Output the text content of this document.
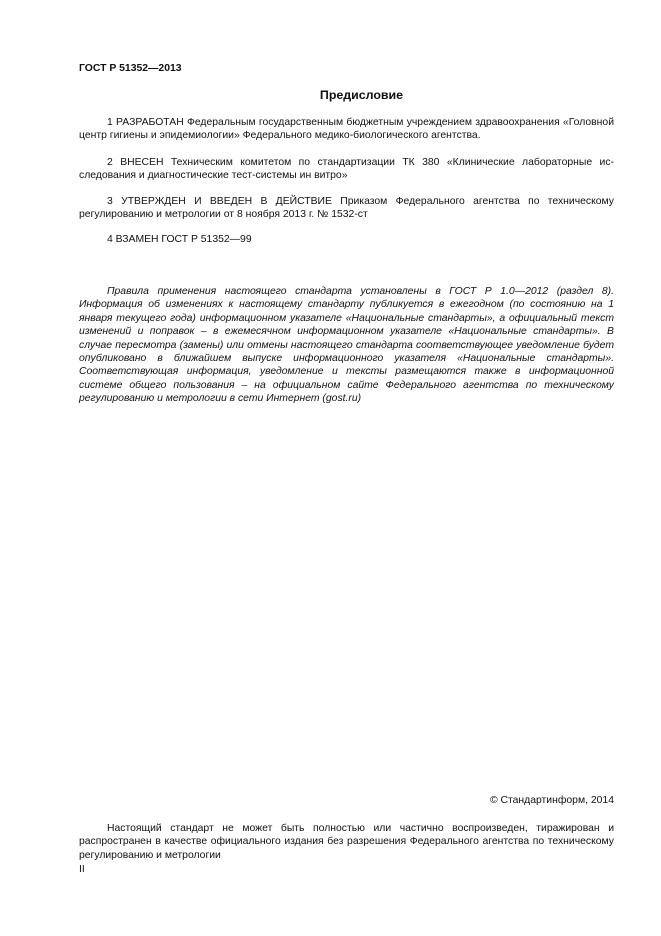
ГОСТ Р 51352—2013
Предисловие

1 РАЗРАБОТАН Федеральным государственным бюджетным учреждением здравоохранения «Головной центр гигиены и эпидемиологии» Федерального медико-биологического агентства.

2 ВНЕСЕН Техническим комитетом по стандартизации ТК 380 «Клинические лабораторные исследования и диагностические тест-системы ин витро»

3 УТВЕРЖДЕН И ВВЕДЕН В ДЕЙСТВИЕ Приказом Федерального агентства по техническому регулированию и метрологии от 8 ноября 2013 г. № 1532-ст

4 ВЗАМЕН ГОСТ Р 51352—99

Правила применения настоящего стандарта установлены в ГОСТ Р 1.0—2012 (раздел 8). Информация об изменениях к настоящему стандарту публикуется в ежегодном (по состоянию на 1 января текущего года) информационном указателе «Национальные стандарты», а официальный текст изменений и поправок – в ежемесячном информационном указателе «Национальные стандарты». В случае пересмотра (замены) или отмены настоящего стандарта соответствующее уведомление будет опубликовано в ближайшем выпуске информационного указателя «Национальные стандарты». Соответствующая информация, уведомление и тексты размещаются также в информационной системе общего пользования – на официальном сайте Федерального агентства по техническому регулированию и метрологии в сети Интернет (gost.ru)

© Стандартинформ, 2014

Настоящий стандарт не может быть полностью или частично воспроизведен, тиражирован и распространен в качестве официального издания без разрешения Федерального агентства по техническому регулированию и метрологии

II
